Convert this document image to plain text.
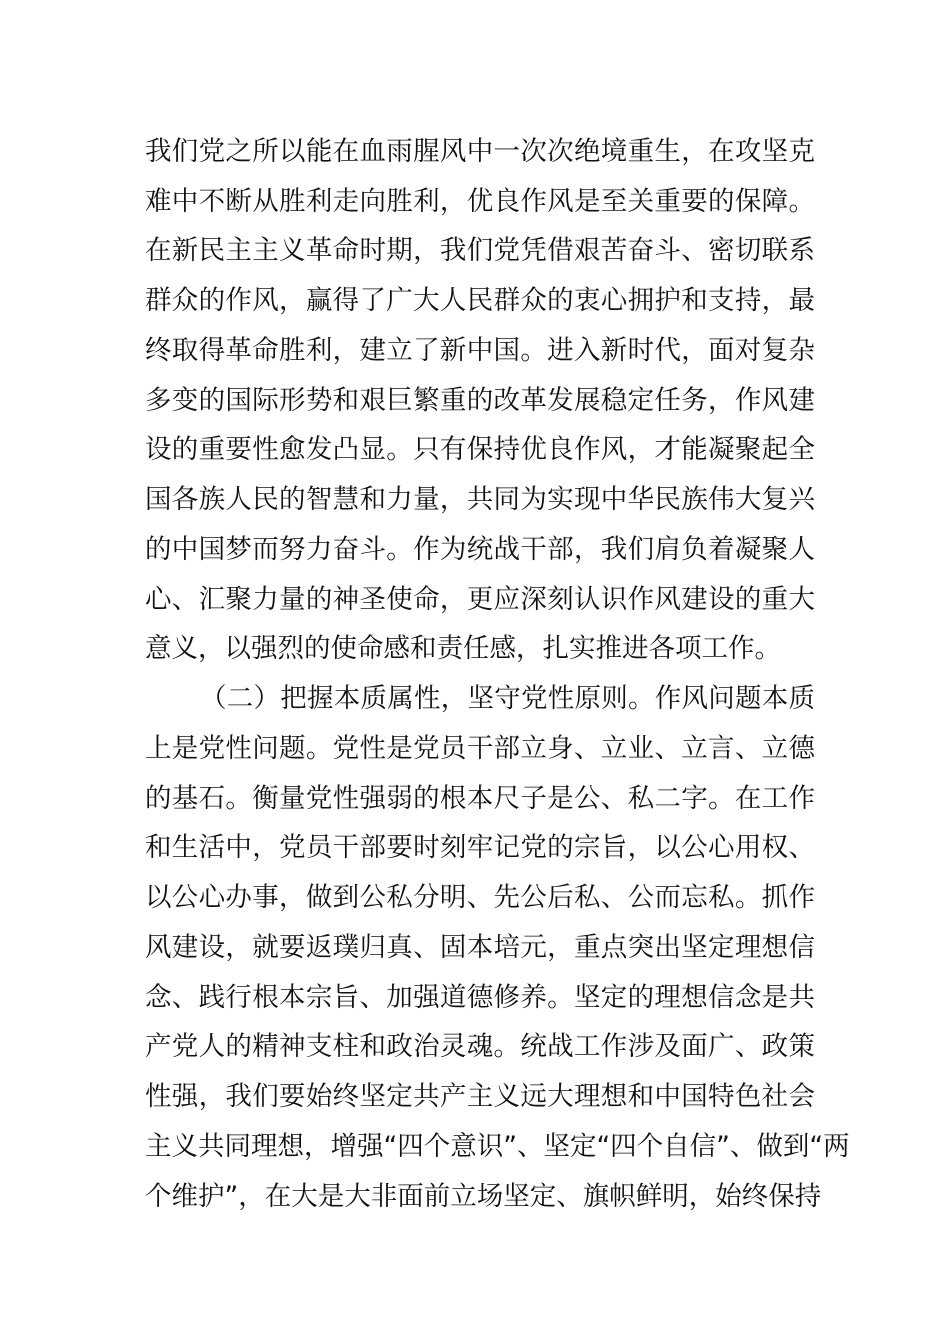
我们党之所以能在血雨腥风中一次次绝境重生，在攻坚克
难中不断从胜利走向胜利，优良作风是至关重要的保障。
在新民主主义革命时期，我们党凭借艰苦奋斗、密切联系
群众的作风，赢得了广大人民群众的衷心拥护和支持，最
终取得革命胜利，建立了新中国。进入新时代，面对复杂
多变的国际形势和艰巨繁重的改革发展稳定任务，作风建
设的重要性愈发凸显。只有保持优良作风，才能凝聚起全
国各族人民的智慧和力量，共同为实现中华民族伟大复兴
的中国梦而努力奋斗。作为统战干部，我们肩负着凝聚人
心、汇聚力量的神圣使命，更应深刻认识作风建设的重大
意义，以强烈的使命感和责任感，扎实推进各项工作。
（二）把握本质属性，坚守党性原则。作风问题本质
上是党性问题。党性是党员干部立身、立业、立言、立德
的基石。衡量党性强弱的根本尺子是公、私二字。在工作
和生活中，党员干部要时刻牢记党的宗旨，以公心用权、
以公心办事，做到公私分明、先公后私、公而忘私。抓作
风建设，就要返璞归真、固本培元，重点突出坚定理想信
念、践行根本宗旨、加强道德修养。坚定的理想信念是共
产党人的精神支柱和政治灵魂。统战工作涉及面广、政策
性强，我们要始终坚定共产主义远大理想和中国特色社会
主义共同理想，增强“四个意识”、坚定“四个自信”、做到“两
个维护”，在大是大非面前立场坚定、旗帜鲜明，始终保持
